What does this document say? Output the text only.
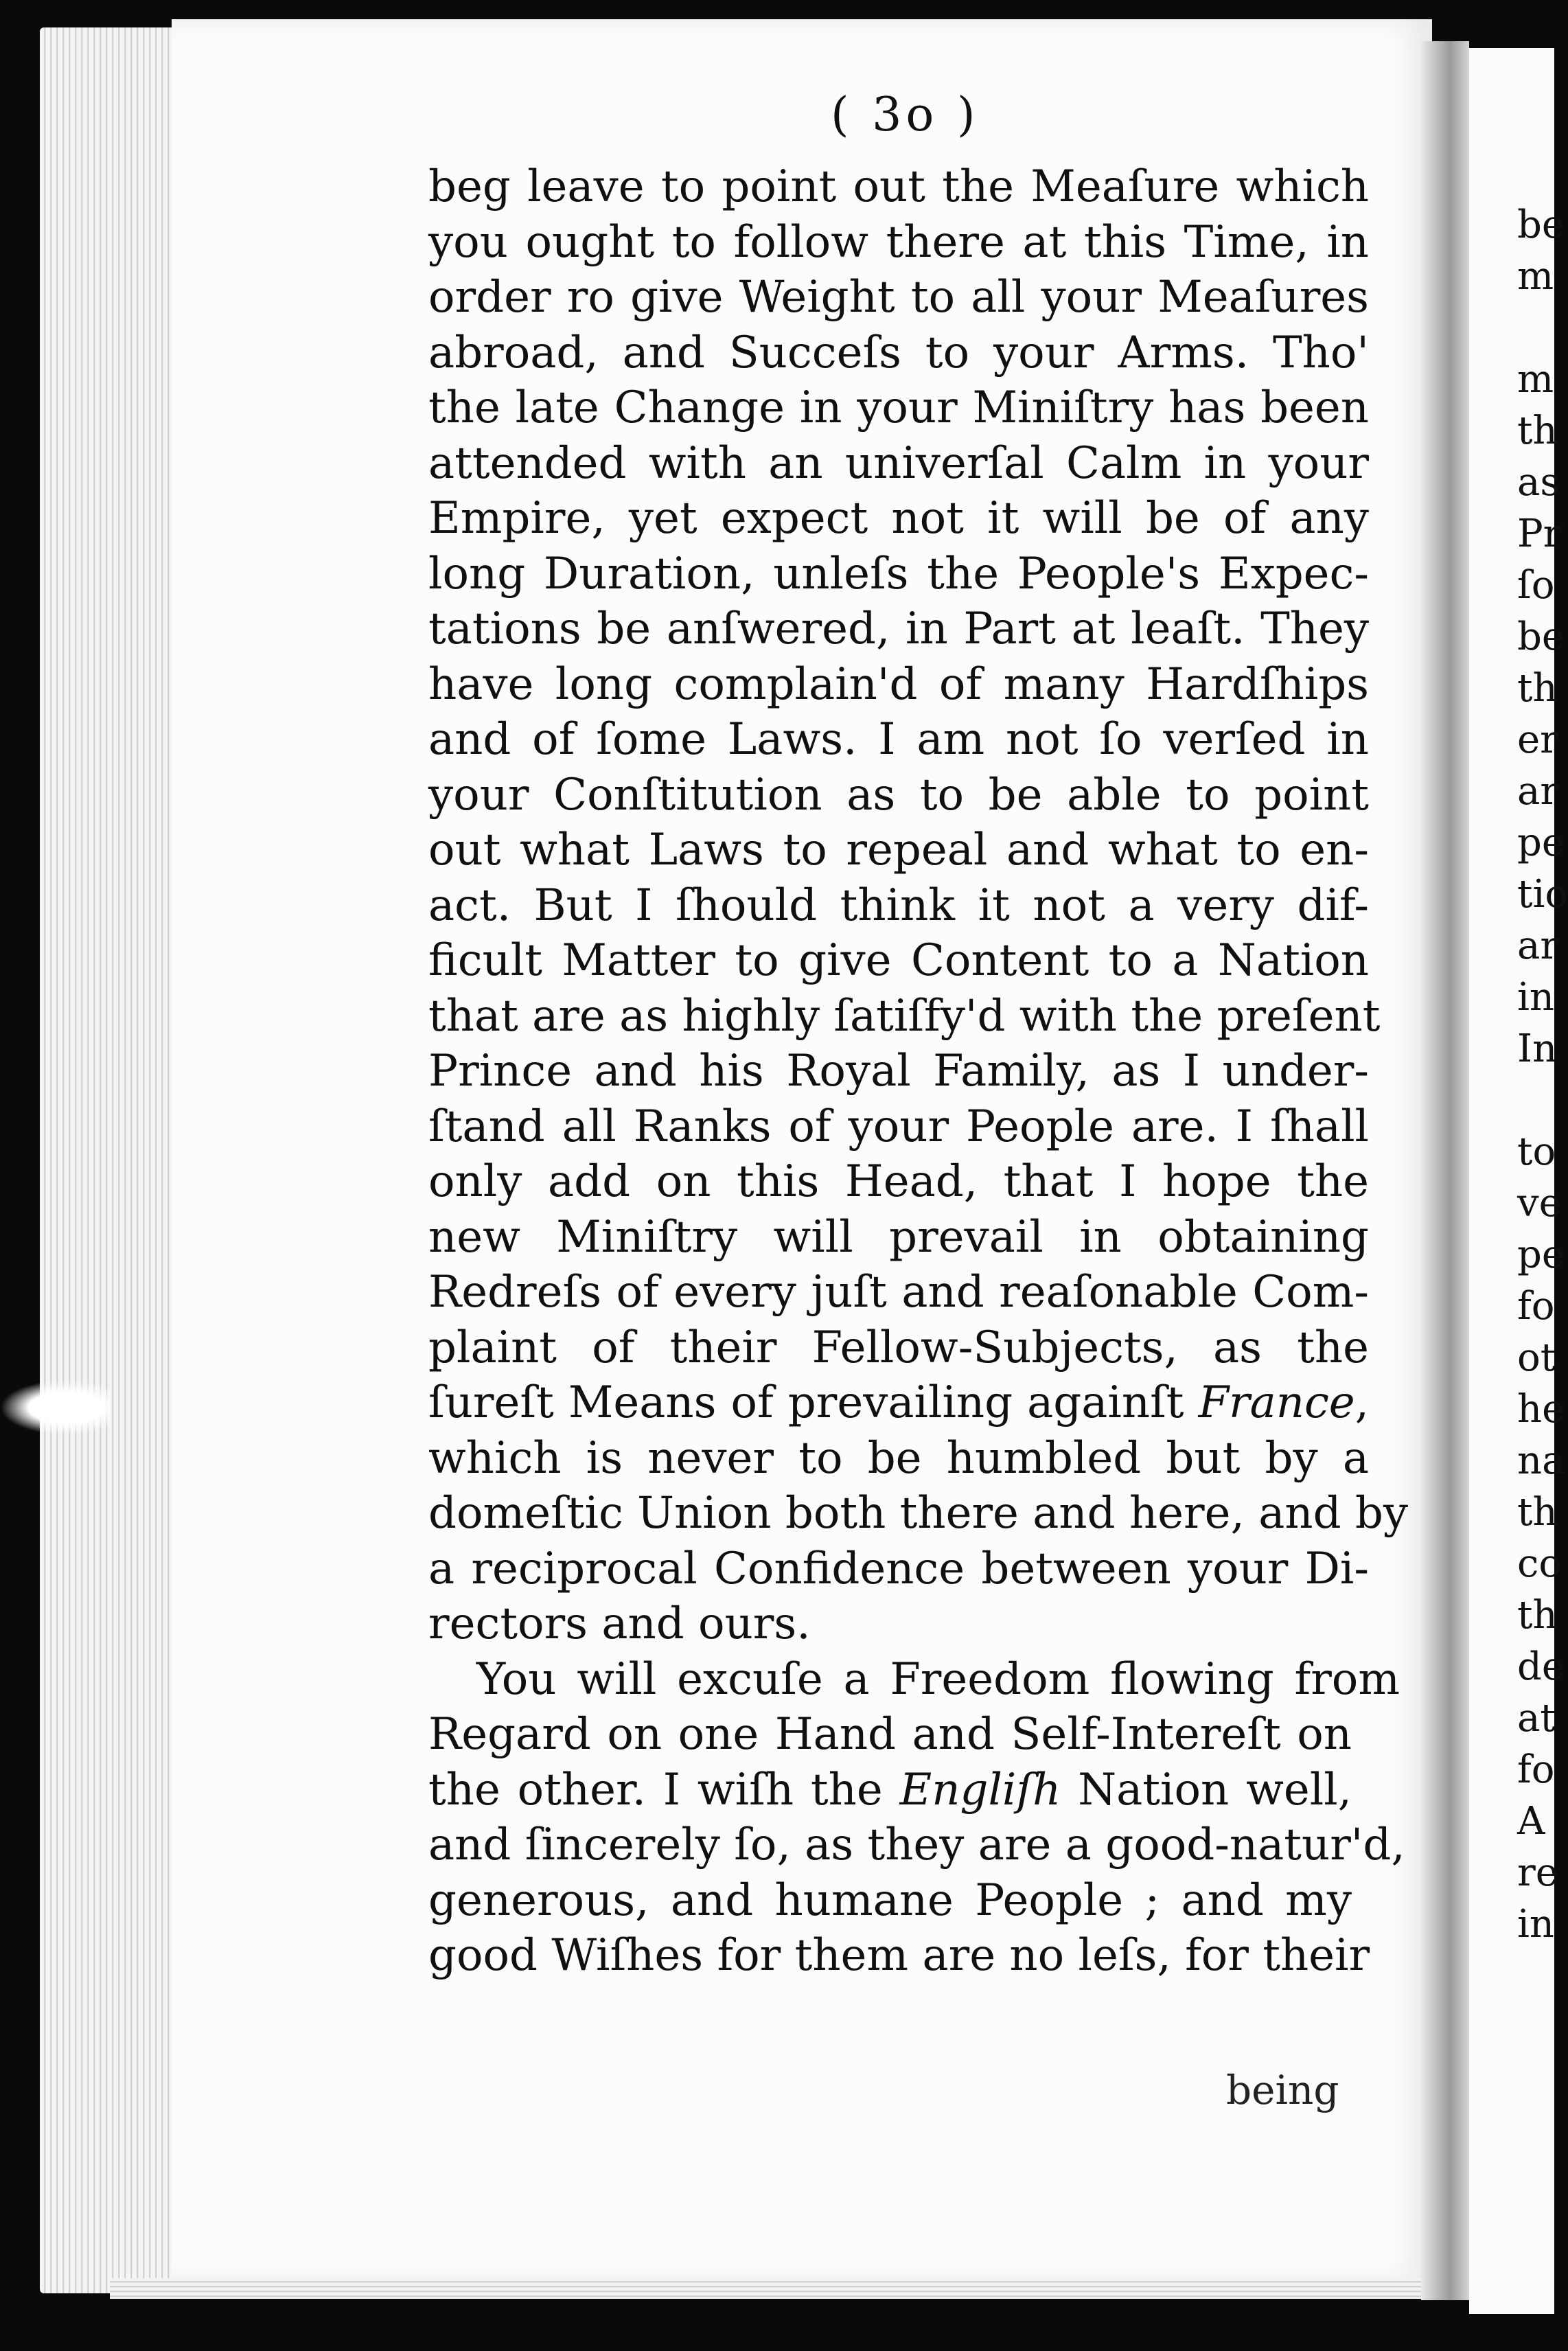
be
m
m
th
as
Pr
ſo
be
th
er
ar
pe
tio
ar
in
In
to
ve
pe
fo
ot
he
na
th
co
th
de
at
fo
A
re
in
( 3o )
beg leave to point out the Meaſure which
you ought to follow there at this Time, in
order ro give Weight to all your Meaſures
abroad, and Succeſs to your Arms. Tho'
the late Change in your Miniſtry has been
attended with an univerſal Calm in your
Empire, yet expect not it will be of any
long Duration, unleſs the People's Expec-
tations be anſwered, in Part at leaſt. They
have long complain'd of many Hardſhips
and of ſome Laws. I am not ſo verſed in
your Conſtitution as to be able to point
out what Laws to repeal and what to en-
act. But I ſhould think it not a very dif-
ficult Matter to give Content to a Nation
that are as highly ſatiſfy'd with the preſent
Prince and his Royal Family, as I under-
ſtand all Ranks of your People are. I ſhall
only add on this Head, that I hope the
new Miniſtry will prevail in obtaining
Redreſs of every juſt and reaſonable Com-
plaint of their Fellow-Subjects, as the
ſureſt Means of prevailing againſt France,
which is never to be humbled but by a
domeſtic Union both there and here, and by
a reciprocal Confidence between your Di-
rectors and ours.
You will excuſe a Freedom flowing from
Regard on one Hand and Self-Intereſt on
the other. I wiſh the Engliſh Nation well,
and ſincerely ſo, as they are a good-natur'd,
generous, and humane People ; and my
good Wiſhes for them are no leſs, for their
being
